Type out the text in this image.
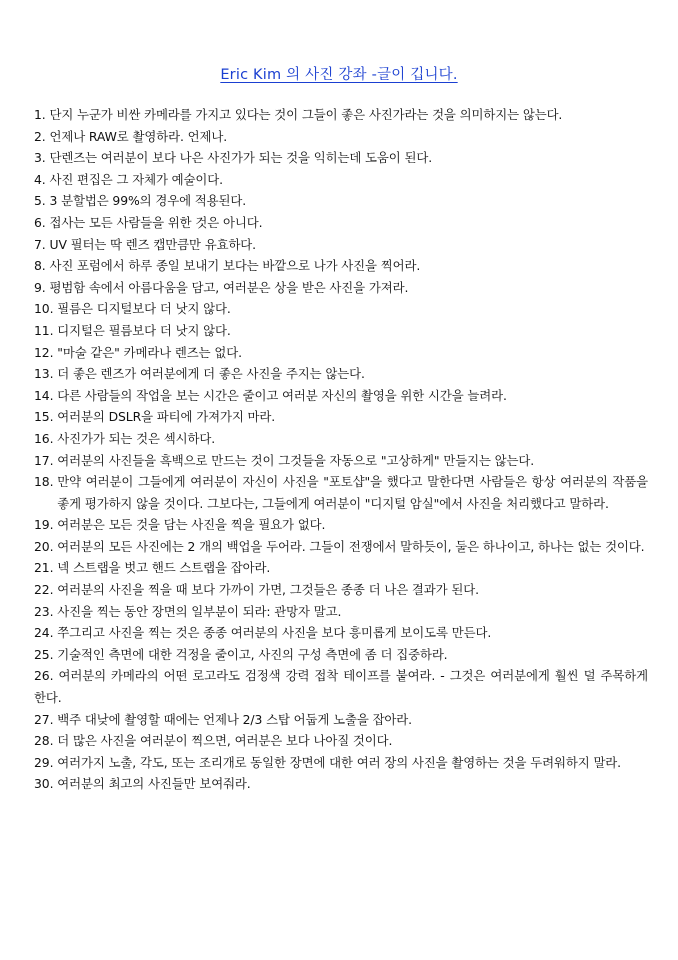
Eric Kim 의 사진 강좌 -글이 깁니다.
1. 단지 누군가 비싼 카메라를 가지고 있다는 것이 그들이 좋은 사진가라는 것을 의미하지는 않는다.
2. 언제나 RAW로 촬영하라. 언제나.
3. 단렌즈는 여러분이 보다 나은 사진가가 되는 것을 익히는데 도움이 된다.
4. 사진 편집은 그 자체가 예술이다.
5. 3 분할법은 99%의 경우에 적용된다.
6. 접사는 모든 사람들을 위한 것은 아니다.
7. UV 필터는 딱 렌즈 캡만큼만 유효하다.
8. 사진 포럼에서 하루 종일 보내기 보다는 바깥으로 나가 사진을 찍어라.
9. 평범함 속에서 아름다움을 담고, 여러분은 상을 받은 사진을 가져라.
10. 필름은 디지털보다 더 낫지 않다.
11. 디지털은 필름보다 더 낫지 않다.
12. "마술 같은" 카메라나 렌즈는 없다.
13. 더 좋은 렌즈가 여러분에게 더 좋은 사진을 주지는 않는다.
14. 다른 사람들의 작업을 보는 시간은 줄이고 여러분 자신의 촬영을 위한 시간을 늘려라.
15. 여러분의 DSLR을 파티에 가져가지 마라.
16. 사진가가 되는 것은 섹시하다.
17. 여러분의 사진들을 흑백으로 만드는 것이 그것들을 자동으로 "고상하게" 만들지는 않는다.
18. 만약 여러분이 그들에게 여러분이 자신이 사진을 "포토샵"을 했다고 말한다면 사람들은 항상 여러분의 작품을 좋게 평가하지 않을 것이다. 그보다는, 그들에게 여러분이 "디지털 암실"에서 사진을 처리했다고 말하라.
19. 여러분은 모든 것을 담는 사진을 찍을 필요가 없다.
20. 여러분의 모든 사진에는 2 개의 백업을 두어라. 그들이 전쟁에서 말하듯이, 둘은 하나이고, 하나는 없는 것이다.
21. 넥 스트랩을 벗고 핸드 스트랩을 잡아라.
22. 여러분의 사진을 찍을 때 보다 가까이 가면, 그것들은 종종 더 나은 결과가 된다.
23. 사진을 찍는 동안 장면의 일부분이 되라: 관망자 말고.
24. 쭈그리고 사진을 찍는 것은 종종 여러분의 사진을 보다 흥미롭게 보이도록 만든다.
25. 기술적인 측면에 대한 걱정을 줄이고, 사진의 구성 측면에 좀 더 집중하라.
26. 여러분의 카메라의 어떤 로고라도 검정색 강력 접착 테이프를 붙여라. - 그것은 여러분에게 훨씬 덜 주목하게 한다.
27. 백주 대낮에 촬영할 때에는 언제나 2/3 스탑 어둡게 노출을 잡아라.
28. 더 많은 사진을 여러분이 찍으면, 여러분은 보다 나아질 것이다.
29. 여러가지 노출, 각도, 또는 조리개로 동일한 장면에 대한 여러 장의 사진을 촬영하는 것을 두려워하지 말라.
30. 여러분의 최고의 사진들만 보여줘라.
